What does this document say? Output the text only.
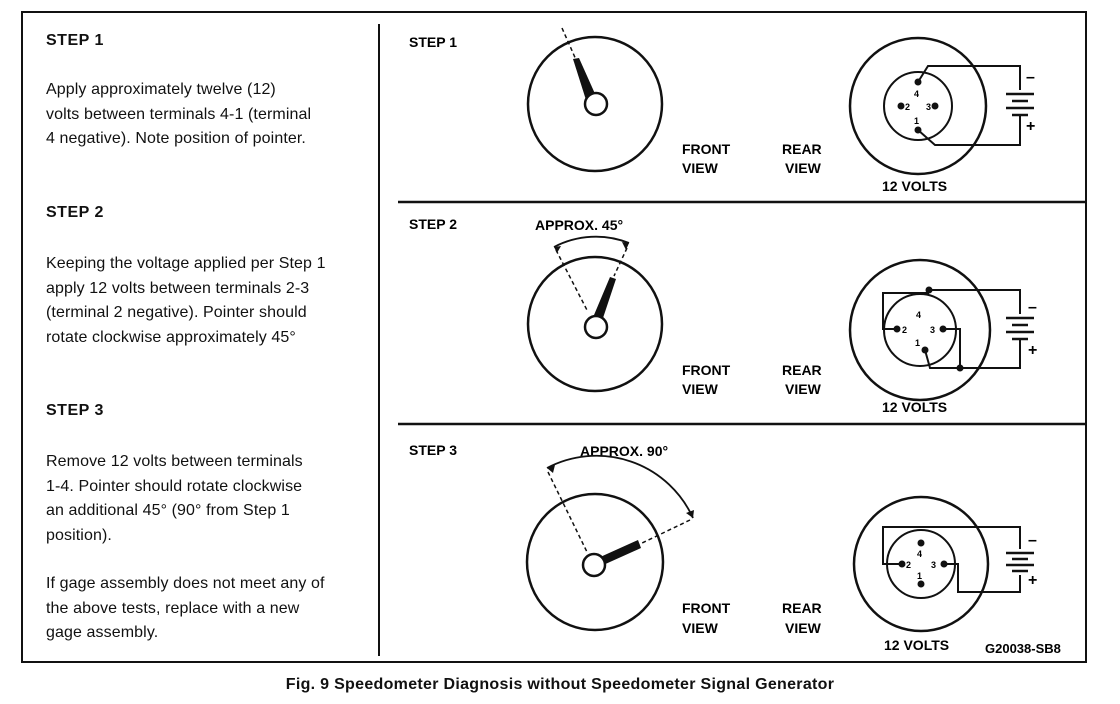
STEP 1
Apply approximately twelve (12)
volts between terminals 4-1 (terminal
4 negative). Note position of pointer.
STEP 2
Keeping the voltage applied per Step 1
apply 12 volts between terminals 2-3
(terminal 2 negative). Pointer should
rotate clockwise approximately 45°
STEP 3
Remove 12 volts between terminals
1-4. Pointer should rotate clockwise
an additional 45° (90° from Step 1
position).
If gage assembly does not meet any of
the above tests, replace with a new
gage assembly.
STEP 1
FRONT
VIEW
REAR
VIEW
4
1
2 3
–
+
12 VOLTS
STEP 2	APPROX. 45°
FRONT
VIEW
REAR
VIEW
4
1
2	3
–
+
12 VOLTS
STEP 3	APPROX. 90°
FRONT
VIEW
REAR
VIEW
4
1
2 3
–
+
12 VOLTS	G20038-SB8
Fig. 9 Speedometer Diagnosis without Speedometer Signal Generator
